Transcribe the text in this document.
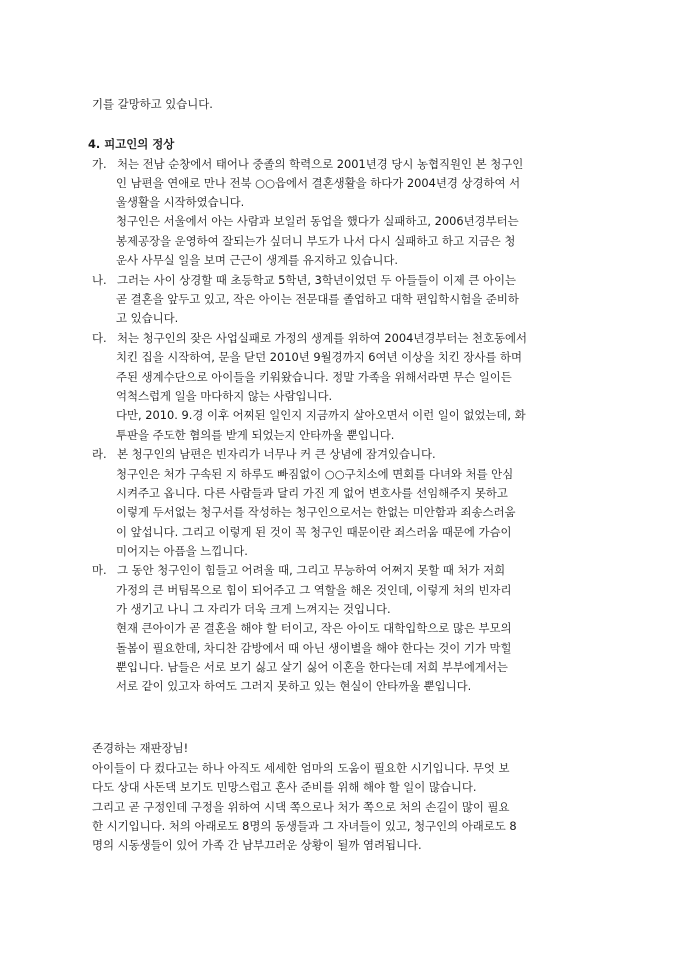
기를 갈망하고 있습니다.
4. 피고인의 정상
가. 처는 전남 순창에서 태어나 중졸의 학력으로 2001년경 당시 농협직원인 본 청구인
인 남편을 연애로 만나 전북 ○○읍에서 결혼생활을 하다가 2004년경 상경하여 서
울생활을 시작하였습니다.
청구인은 서울에서 아는 사람과 보일러 동업을 했다가 실패하고, 2006년경부터는
봉제공장을 운영하여 잘되는가 싶더니 부도가 나서 다시 실패하고 하고 지금은 청
운사 사무실 일을 보며 근근이 생계를 유지하고 있습니다.
나. 그러는 사이 상경할 때 초등학교 5학년, 3학년이었던 두 아들들이 이제 큰 아이는
곧 결혼을 앞두고 있고, 작은 아이는 전문대를 졸업하고 대학 편입학시험을 준비하
고 있습니다.
다. 처는 청구인의 잦은 사업실패로 가정의 생계를 위하여 2004년경부터는 천호동에서
치킨 집을 시작하여, 문을 닫던 2010년 9월경까지 6여년 이상을 치킨 장사를 하며
주된 생계수단으로 아이들을 키워왔습니다. 정말 가족을 위해서라면 무슨 일이든
억척스럽게 일을 마다하지 않는 사람입니다.
다만, 2010. 9.경 이후 어찌된 일인지 지금까지 살아오면서 이런 일이 없었는데, 화
투판을 주도한 혐의를 받게 되었는지 안타까울 뿐입니다.
라. 본 청구인의 남편은 빈자리가 너무나 커 큰 상념에 잠겨있습니다.
청구인은 처가 구속된 지 하루도 빠짐없이 ○○구치소에 면회를 다녀와 처를 안심
시켜주고 옵니다. 다른 사람들과 달리 가진 게 없어 변호사를 선임해주지 못하고
이렇게 두서없는 청구서를 작성하는 청구인으로서는 한없는 미안함과 죄송스러움
이 앞섭니다. 그리고 이렇게 된 것이 꼭 청구인 때문이란 죄스러움 때문에 가슴이
미어지는 아픔을 느낍니다.
마. 그 동안 청구인이 힘들고 어려울 때, 그리고 무능하여 어쩌지 못할 때 처가 저희
가정의 큰 버팀목으로 힘이 되어주고 그 역할을 해온 것인데, 이렇게 처의 빈자리
가 생기고 나니 그 자리가 더욱 크게 느껴지는 것입니다.
현재 큰아이가 곧 결혼을 해야 할 터이고, 작은 아이도 대학입학으로 많은 부모의
돌봄이 필요한데, 차디찬 감방에서 때 아닌 생이별을 해야 한다는 것이 기가 막힐
뿐입니다. 남들은 서로 보기 싫고 살기 싫어 이혼을 한다는데 저희 부부에게서는
서로 같이 있고자 하여도 그러지 못하고 있는 현실이 안타까울 뿐입니다.
존경하는 재판장님!
아이들이 다 컸다고는 하나 아직도 세세한 엄마의 도움이 필요한 시기입니다. 무엇 보
다도 상대 사돈댁 보기도 민망스럽고 혼사 준비를 위해 해야 할 일이 많습니다.
그리고 곧 구정인데 구정을 위하여 시댁 쪽으로나 처가 쪽으로 처의 손길이 많이 필요
한 시기입니다. 처의 아래로도 8명의 동생들과 그 자녀들이 있고, 청구인의 아래로도 8
명의 시동생들이 있어 가족 간 남부끄러운 상황이 될까 염려됩니다.
